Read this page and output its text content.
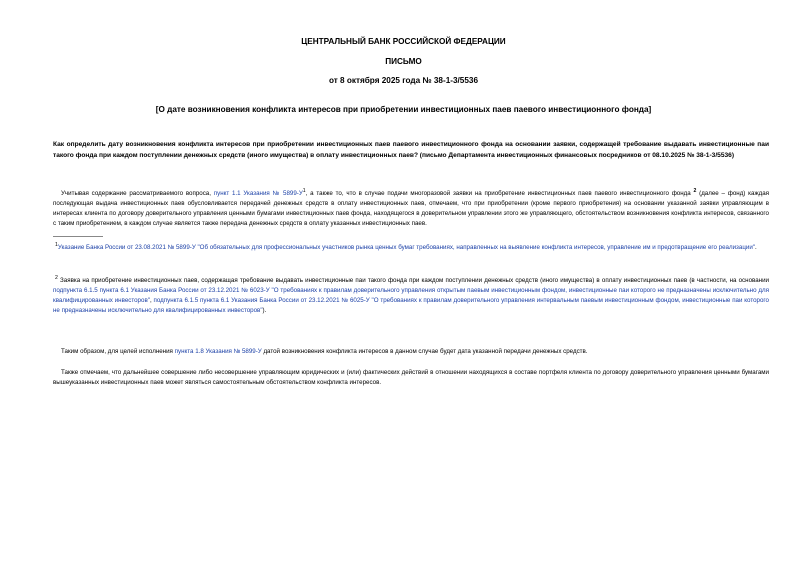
ЦЕНТРАЛЬНЫЙ БАНК РОССИЙСКОЙ ФЕДЕРАЦИИ
ПИСЬМО
от 8 октября 2025 года № 38-1-3/5536
[О дате возникновения конфликта интересов при приобретении инвестиционных паев паевого инвестиционного фонда]
Как определить дату возникновения конфликта интересов при приобретении инвестиционных паев паевого инвестиционного фонда на основании заявки, содержащей требование выдавать инвестиционные паи такого фонда при каждом поступлении денежных средств (иного имущества) в оплату инвестиционных паев? (письмо Департамента инвестиционных финансовых посредников от 08.10.2025 № 38-1-3/5536)
Учитывая содержание рассматриваемого вопроса, пункт 1.1 Указания № $5899-У^1$, а также то, что в случае подачи многоразовой заявки на приобретение инвестиционных паев паевого инвестиционного фонда $^2$ (далее – фонд) каждая последующая выдача инвестиционных паев обусловливается передачей денежных средств в оплату инвестиционных паев, отмечаем, что при приобретении (кроме первого приобретения) на основании указанной заявки управляющим в интересах клиента по договору доверительного управления ценными бумагами инвестиционных паев фонда, находящегося в доверительном управлении этого же управляющего, обстоятельством возникновения конфликта интересов, связанного с таким приобретением, в каждом случае является также передача денежных средств в оплату указанных инвестиционных паев.
$^1$Указание Банка России от 23.08.2021 № 5899-У "Об обязательных для профессиональных участников рынка ценных бумаг требованиях, направленных на выявление конфликта интересов, управление им и предотвращение его реализации".
$^2$ Заявка на приобретение инвестиционных паев, содержащая требование выдавать инвестиционные паи такого фонда при каждом поступлении денежных средств (иного имущества) в оплату инвестиционных паев (в частности, на основании подпункта 6.1.5 пункта 6.1 Указания Банка России от 23.12.2021 № 6023-У "О требованиях к правилам доверительного управления открытым паевым инвестиционным фондом, инвестиционные паи которого не предназначены исключительно для квалифицированных инвесторов", подпункта 6.1.5 пункта 6.1 Указания Банка России от 23.12.2021 № 6025-У "О требованиях к правилам доверительного управления интервальным паевым инвестиционным фондом, инвестиционные паи которого не предназначены исключительно для квалифицированных инвесторов").
Таким образом, для целей исполнения пункта 1.8 Указания № 5899-У датой возникновения конфликта интересов в данном случае будет дата указанной передачи денежных средств.
Также отмечаем, что дальнейшее совершение либо несовершение управляющим юридических и (или) фактических действий в отношении находящихся в составе портфеля клиента по договору доверительного управления ценными бумагами вышеуказанных инвестиционных паев может являться самостоятельным обстоятельством конфликта интересов.
